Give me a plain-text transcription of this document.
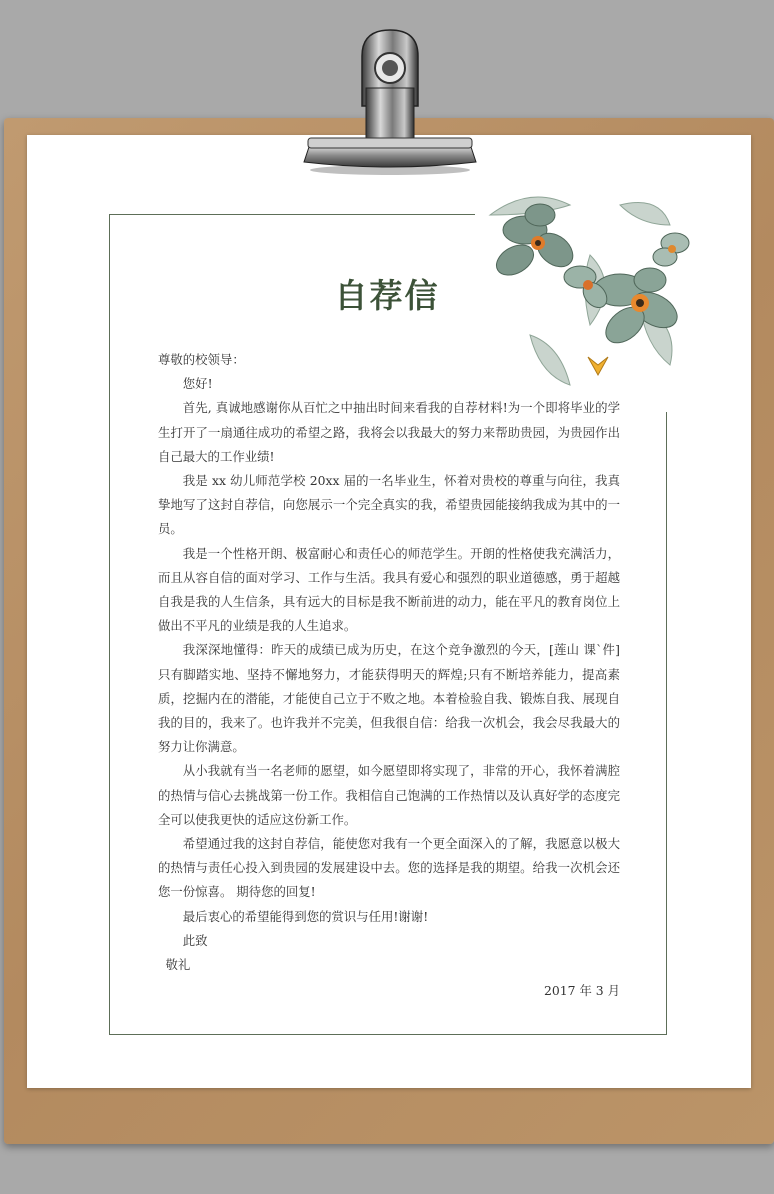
自荐信

尊敬的校领导：

您好!

首先, 真诚地感谢你从百忙之中抽出时间来看我的自荐材料!为一个即将毕业的学生打开了一扇通往成功的希望之路，我将会以我最大的努力来帮助贵园，为贵园作出自己最大的工作业绩!

我是 xx 幼儿师范学校 20xx 届的一名毕业生，怀着对贵校的尊重与向往，我真挚地写了这封自荐信，向您展示一个完全真实的我，希望贵园能接纳我成为其中的一员。

我是一个性格开朗、极富耐心和责任心的师范学生。开朗的性格使我充满活力，而且从容自信的面对学习、工作与生活。我具有爱心和强烈的职业道德感，勇于超越自我是我的人生信条，具有远大的目标是我不断前进的动力，能在平凡的教育岗位上做出不平凡的业绩是我的人生追求。

我深深地懂得：昨天的成绩已成为历史，在这个竞争激烈的今天，[莲山 课`件]只有脚踏实地、坚持不懈地努力，才能获得明天的辉煌;只有不断培养能力，提高素质，挖掘内在的潜能，才能使自己立于不败之地。本着检验自我、锻炼自我、展现自我的目的，我来了。也许我并不完美，但我很自信：给我一次机会，我会尽我最大的努力让你满意。

从小我就有当一名老师的愿望，如今愿望即将实现了，非常的开心，我怀着满腔的热情与信心去挑战第一份工作。我相信自己饱满的工作热情以及认真好学的态度完全可以使我更快的适应这份新工作。

希望通过我的这封自荐信，能使您对我有一个更全面深入的了解，我愿意以极大的热情与责任心投入到贵园的发展建设中去。您的选择是我的期望。给我一次机会还您一份惊喜。 期待您的回复!

最后衷心的希望能得到您的赏识与任用!谢谢!

此致

敬礼

2017 年 3 月
